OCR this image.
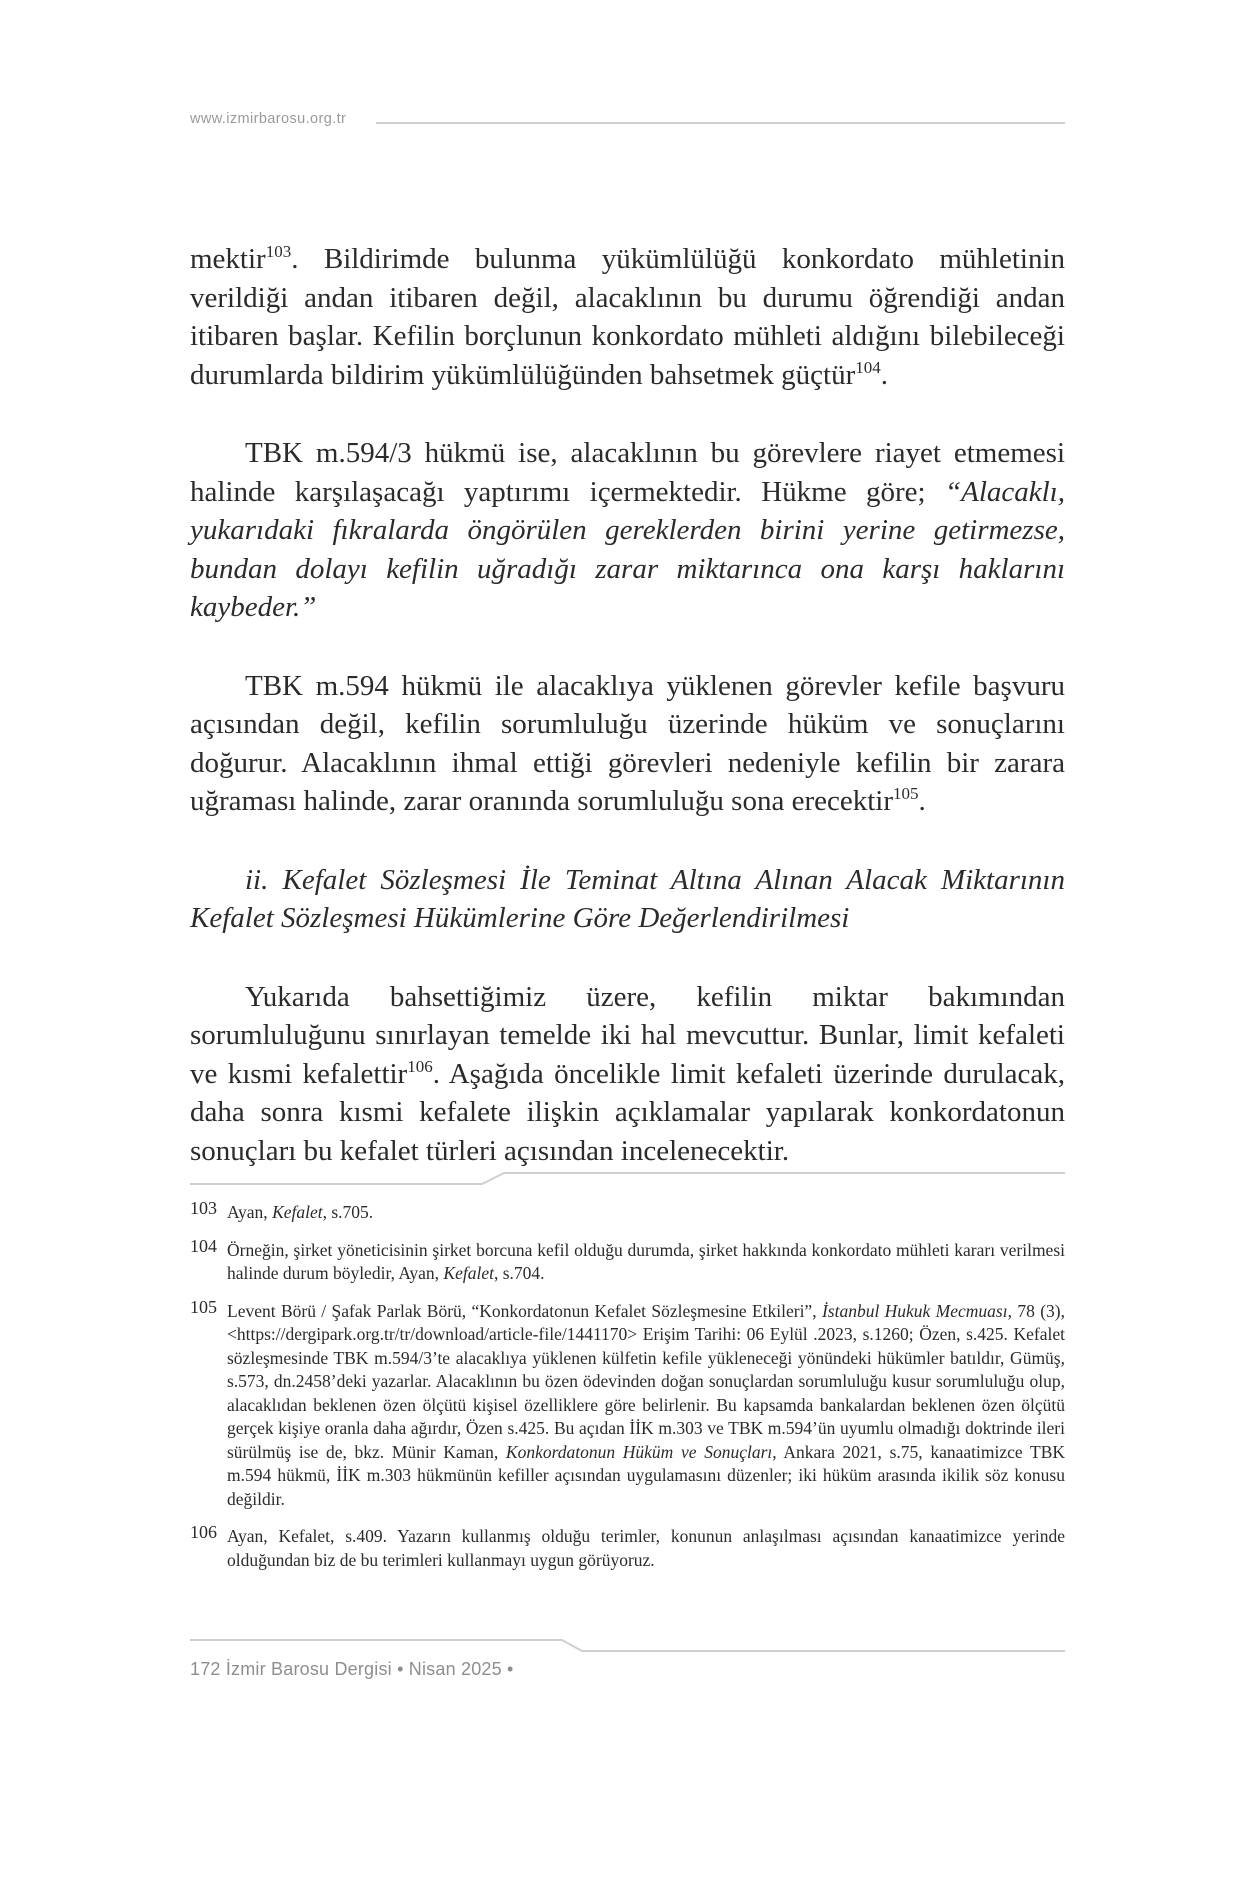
www.izmirbarosu.org.tr

mektir$^{103}$. Bildirimde bulunma yükümlülüğü konkordato mühletinin verildiği andan itibaren değil, alacaklının bu durumu öğrendiği andan itibaren başlar. Kefilin borçlunun konkordato mühleti aldığını bilebileceği durumlarda bildirim yükümlülüğünden bahsetmek güçtür$^{104}$.

TBK m.594/3 hükmü ise, alacaklının bu görevlere riayet etmemesi halinde karşılaşacağı yaptırımı içermektedir. Hükme göre; “Alacaklı, yukarıdaki fıkralarda öngörülen gereklerden birini yerine getirmezse, bundan dolayı kefilin uğradığı zarar miktarınca ona karşı haklarını kaybeder.”

TBK m.594 hükmü ile alacaklıya yüklenen görevler kefile başvuru açısından değil, kefilin sorumluluğu üzerinde hüküm ve sonuçlarını doğurur. Alacaklının ihmal ettiği görevleri nedeniyle kefilin bir zarara uğraması halinde, zarar oranında sorumluluğu sona erecektir$^{105}$.

ii. Kefalet Sözleşmesi İle Teminat Altına Alınan Alacak Miktarının Kefalet Sözleşmesi Hükümlerine Göre Değerlendirilmesi

Yukarıda bahsettiğimiz üzere, kefilin miktar bakımından sorumluluğunu sınırlayan temelde iki hal mevcuttur. Bunlar, limit kefaleti ve kısmi kefalettir$^{106}$. Aşağıda öncelikle limit kefaleti üzerinde durulacak, daha sonra kısmi kefalete ilişkin açıklamalar yapılarak konkordatonun sonuçları bu kefalet türleri açısından incelenecektir.

103 Ayan, Kefalet, s.705.
104 Örneğin, şirket yöneticisinin şirket borcuna kefil olduğu durumda, şirket hakkında konkordato mühleti kararı verilmesi halinde durum böyledir, Ayan, Kefalet, s.704.
105 Levent Börü / Şafak Parlak Börü, “Konkordatonun Kefalet Sözleşmesine Etkileri”, İstanbul Hukuk Mecmuası, 78 (3), <https://dergipark.org.tr/tr/download/article-file/1441170> Erişim Tarihi: 06 Eylül .2023, s.1260; Özen, s.425. Kefalet sözleşmesinde TBK m.594/3’te alacaklıya yüklenen külfetin kefile yükleneceği yönündeki hükümler batıldır, Gümüş, s.573, dn.2458’deki yazarlar. Alacaklının bu özen ödevinden doğan sonuçlardan sorumluluğu kusur sorumluluğu olup, alacaklıdan beklenen özen ölçütü kişisel özelliklere göre belirlenir. Bu kapsamda bankalardan beklenen özen ölçütü gerçek kişiye oranla daha ağırdır, Özen s.425. Bu açıdan İİK m.303 ve TBK m.594’ün uyumlu olmadığı doktrinde ileri sürülmüş ise de, bkz. Münir Kaman, Konkordatonun Hüküm ve Sonuçları, Ankara 2021, s.75, kanaatimizce TBK m.594 hükmü, İİK m.303 hükmünün kefiller açısından uygulamasını düzenler; iki hüküm arasında ikilik söz konusu değildir.
106 Ayan, Kefalet, s.409. Yazarın kullanmış olduğu terimler, konunun anlaşılması açısından kanaatimizce yerinde olduğundan biz de bu terimleri kullanmayı uygun görüyoruz.
172 İzmir Barosu Dergisi • Nisan 2025 •
